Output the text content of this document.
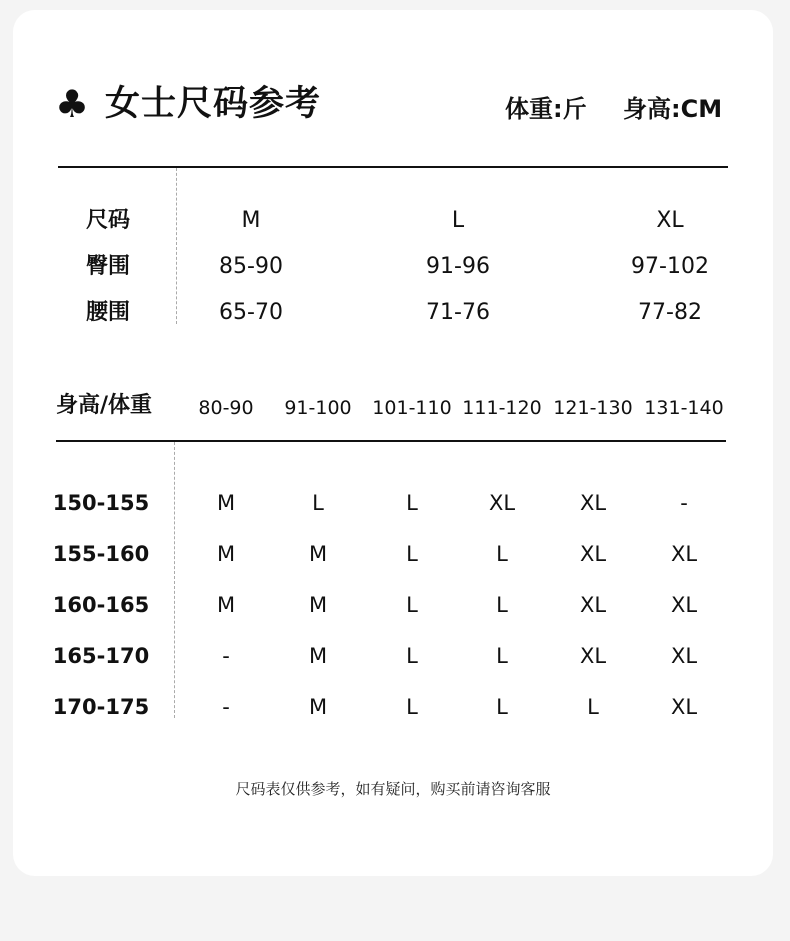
♣ 女士尺码参考	体重:斤 身高:CM
尺码	M	L	XL
臀围	85-90	91-96	97-102
腰围	65-70	71-76	77-82
身高/体重 80-90 91-100 101-110 111-120 121-130 131-140
150-155	M	L	L	XL	XL	-
155-160	M	M	L	L	XL	XL
160-165	M	M	L	L	XL	XL
165-170	-	M	L	L	XL	XL
170-175	-	M	L	L	L	XL
尺码表仅供参考，如有疑问，购买前请咨询客服
